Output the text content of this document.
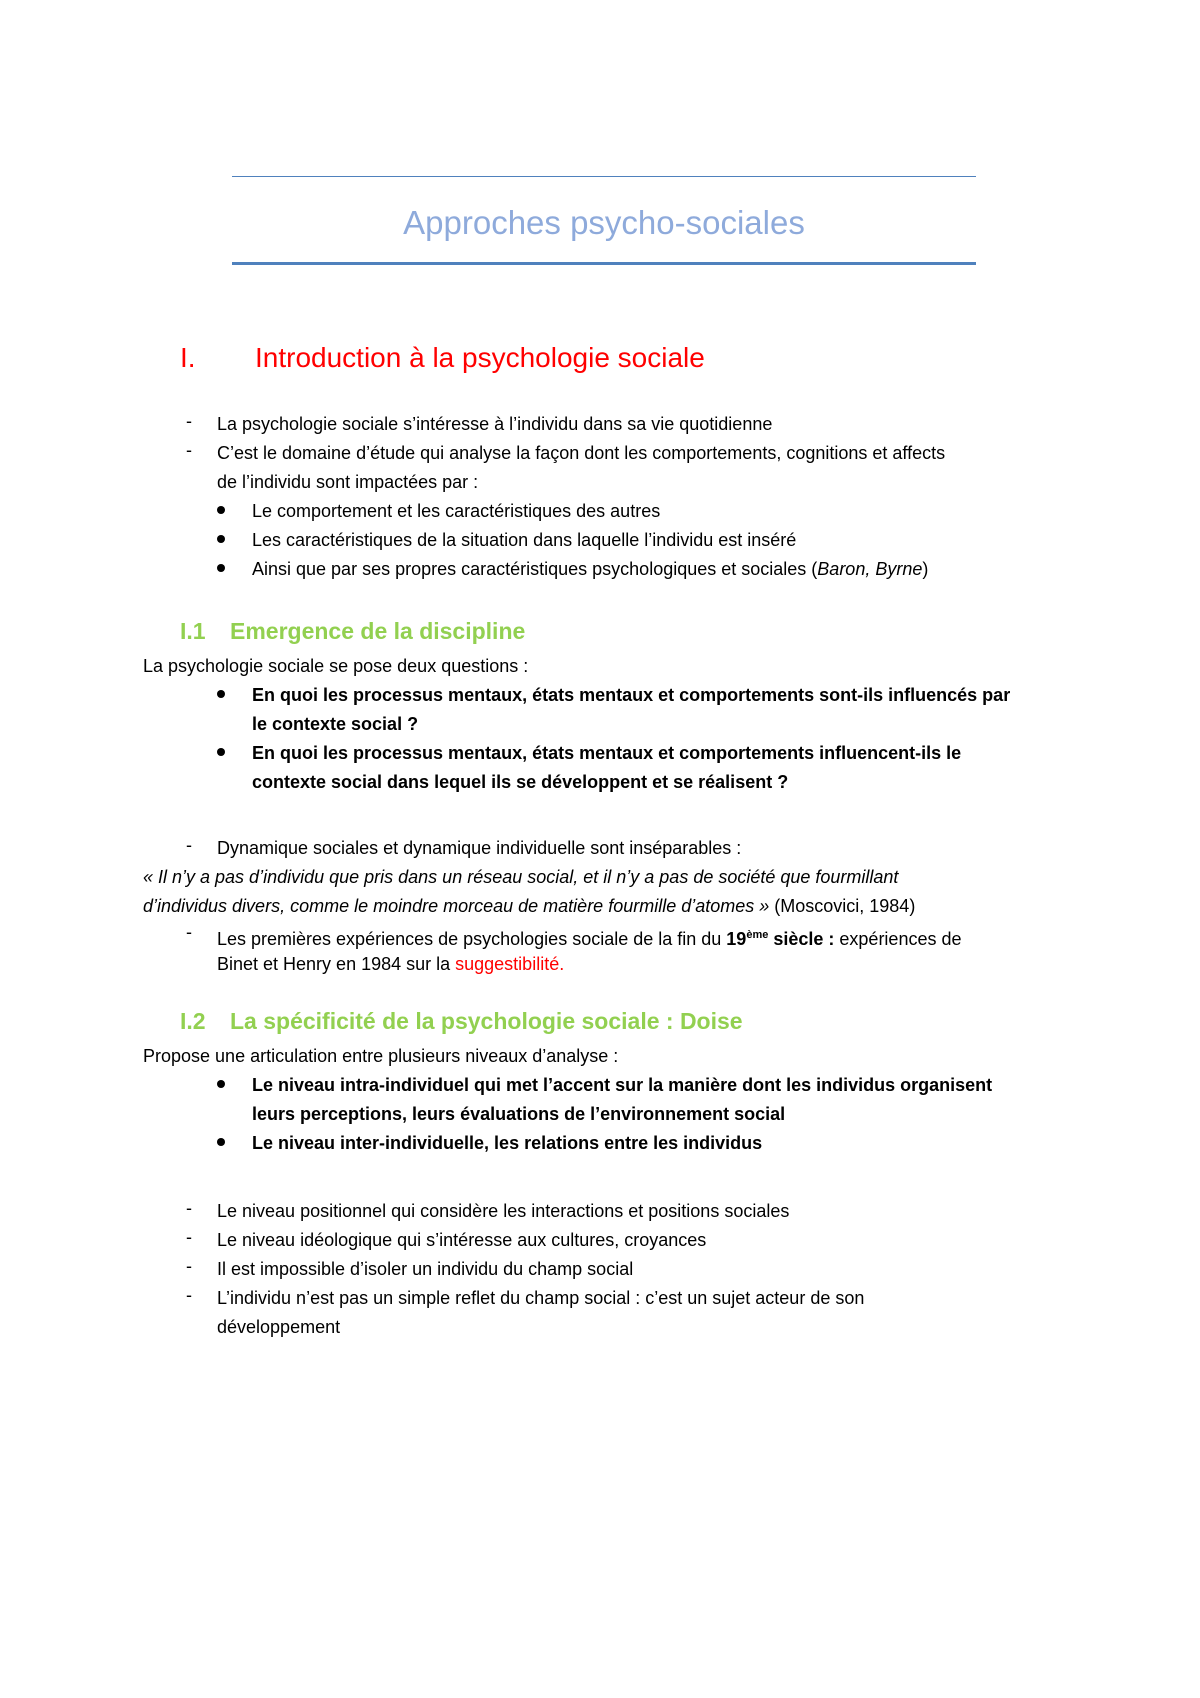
Approches psycho-sociales
I. Introduction à la psychologie sociale
- La psychologie sociale s’intéresse à l’individu dans sa vie quotidienne
- C’est le domaine d’étude qui analyse la façon dont les comportements, cognitions et affects
de l’individu sont impactées par :
Le comportement et les caractéristiques des autres
Les caractéristiques de la situation dans laquelle l’individu est inséré
Ainsi que par ses propres caractéristiques psychologiques et sociales (Baron, Byrne)
I.1 Emergence de la discipline
La psychologie sociale se pose deux questions :
En quoi les processus mentaux, états mentaux et comportements sont-ils influencés par
le contexte social ?
En quoi les processus mentaux, états mentaux et comportements influencent-ils le
contexte social dans lequel ils se développent et se réalisent ?
- Dynamique sociales et dynamique individuelle sont inséparables :
« Il n’y a pas d’individu que pris dans un réseau social, et il n’y a pas de société que fourmillant
d’individus divers, comme le moindre morceau de matière fourmille d’atomes » (Moscovici, 1984)
- Les premières expériences de psychologies sociale de la fin du 19ème siècle : expériences de
Binet et Henry en 1984 sur la suggestibilité.
I.2 La spécificité de la psychologie sociale : Doise
Propose une articulation entre plusieurs niveaux d’analyse :
Le niveau intra-individuel qui met l’accent sur la manière dont les individus organisent
leurs perceptions, leurs évaluations de l’environnement social
Le niveau inter-individuelle, les relations entre les individus
- Le niveau positionnel qui considère les interactions et positions sociales
- Le niveau idéologique qui s’intéresse aux cultures, croyances
- Il est impossible d’isoler un individu du champ social
- L’individu n’est pas un simple reflet du champ social : c’est un sujet acteur de son
développement
